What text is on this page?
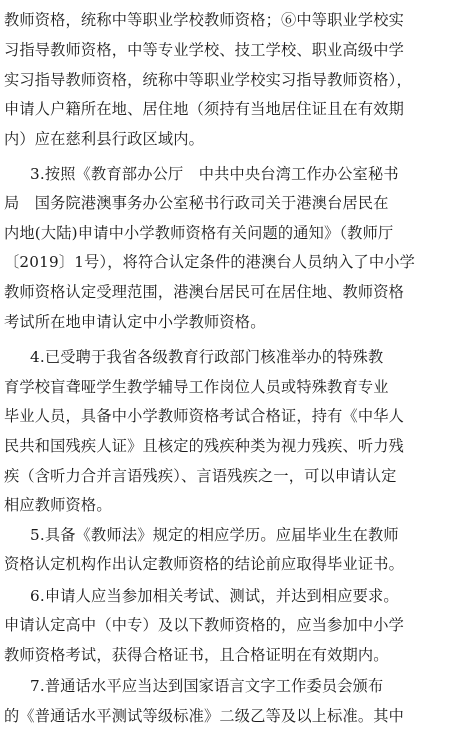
教师资格，统称中等职业学校教师资格；⑥中等职业学校实
习指导教师资格，中等专业学校、技工学校、职业高级中学
实习指导教师资格，统称中等职业学校实习指导教师资格），
申请人户籍所在地、居住地（须持有当地居住证且在有效期
内）应在慈利县行政区域内。
3.按照《教育部办公厅　中共中央台湾工作办公室秘书
局　国务院港澳事务办公室秘书行政司关于港澳台居民在
内地(大陆)申请中小学教师资格有关问题的通知》（教师厅
〔2019〕1号），将符合认定条件的港澳台人员纳入了中小学
教师资格认定受理范围，港澳台居民可在居住地、教师资格
考试所在地申请认定中小学教师资格。
4.已受聘于我省各级教育行政部门核准举办的特殊教
育学校盲聋哑学生教学辅导工作岗位人员或特殊教育专业
毕业人员，具备中小学教师资格考试合格证，持有《中华人
民共和国残疾人证》且核定的残疾种类为视力残疾、听力残
疾（含听力合并言语残疾）、言语残疾之一，可以申请认定
相应教师资格。
5.具备《教师法》规定的相应学历。应届毕业生在教师
资格认定机构作出认定教师资格的结论前应取得毕业证书。
6.申请人应当参加相关考试、测试，并达到相应要求。
申请认定高中（中专）及以下教师资格的，应当参加中小学
教师资格考试，获得合格证书，且合格证明在有效期内。
7.普通话水平应当达到国家语言文字工作委员会颁布
的《普通话水平测试等级标准》二级乙等及以上标准。其中
